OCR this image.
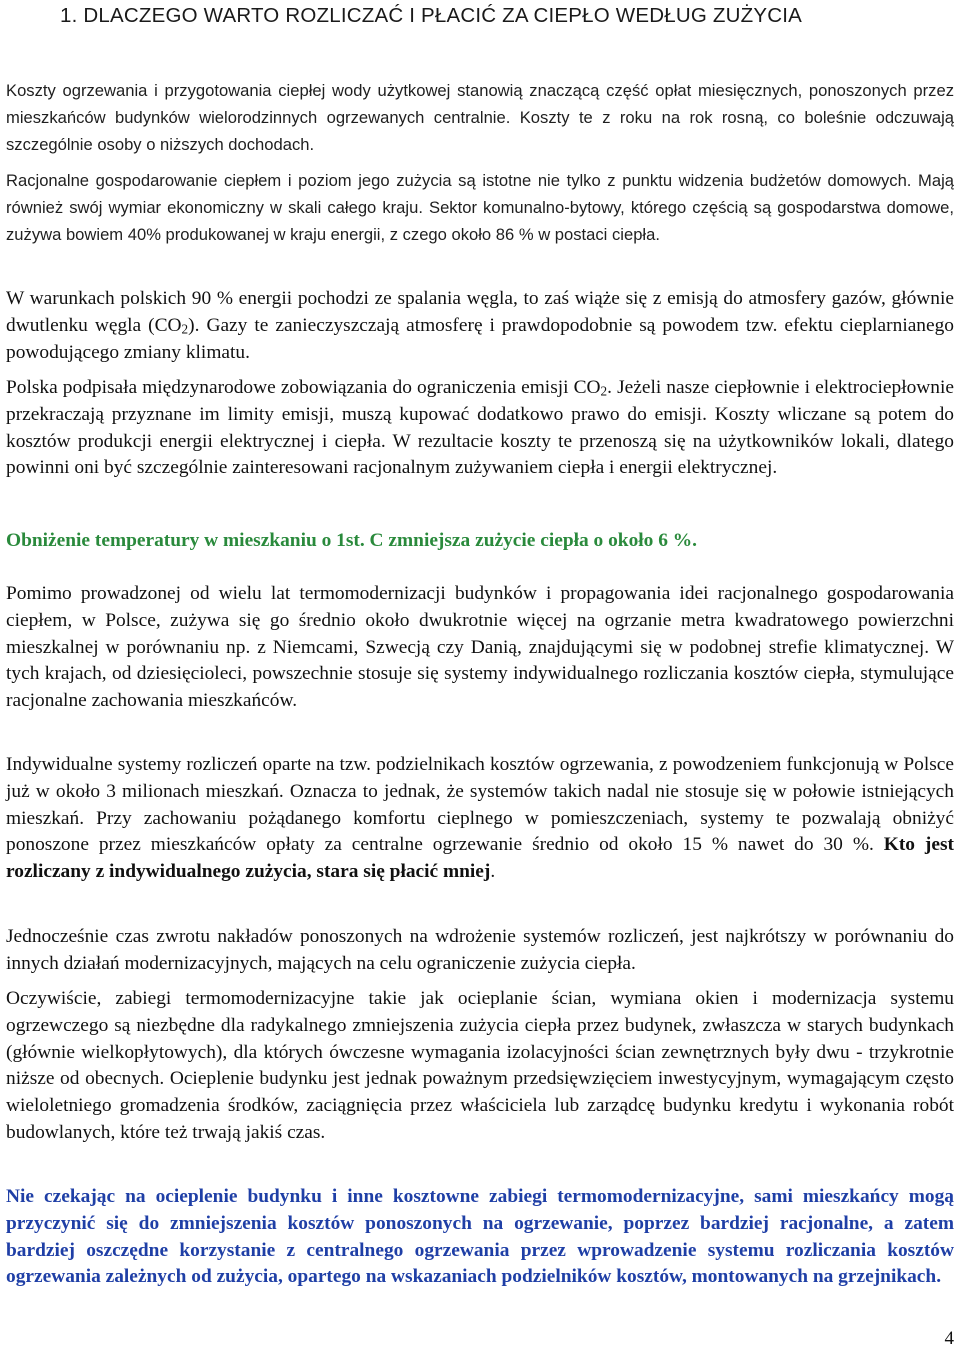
1. DLACZEGO WARTO ROZLICZAĆ I PŁACIĆ ZA CIEPŁO WEDŁUG ZUŻYCIA

Koszty ogrzewania i przygotowania ciepłej wody użytkowej stanowią znaczącą część opłat miesięcznych, ponoszonych przez mieszkańców budynków wielorodzinnych ogrzewanych centralnie. Koszty te z roku na rok rosną, co boleśnie odczuwają szczególnie osoby o niższych dochodach.

Racjonalne gospodarowanie ciepłem i poziom jego zużycia są istotne nie tylko z punktu widzenia budżetów domowych. Mają również swój wymiar ekonomiczny w skali całego kraju. Sektor komunalno-bytowy, którego częścią są gospodarstwa domowe, zużywa bowiem 40% produkowanej w kraju energii, z czego około 86 % w postaci ciepła.

W warunkach polskich 90 % energii pochodzi ze spalania węgla, to zaś wiąże się z emisją do atmosfery gazów, głównie dwutlenku węgla $(CO_2)$. Gazy te zanieczyszczają atmosferę i prawdopodobnie są powodem tzw. efektu cieplarnianego powodującego zmiany klimatu.

Polska podpisała międzynarodowe zobowiązania do ograniczenia emisji $CO_2$. Jeżeli nasze ciepłownie i elektrociepłownie przekraczają przyznane im limity emisji, muszą kupować dodatkowo prawo do emisji. Koszty wliczane są potem do kosztów produkcji energii elektrycznej i ciepła. W rezultacie koszty te przenoszą się na użytkowników lokali, dlatego powinni oni być szczególnie zainteresowani racjonalnym zużywaniem ciepła i energii elektrycznej.

Obniżenie temperatury w mieszkaniu o 1st. C zmniejsza zużycie ciepła o około 6 %.

Pomimo prowadzonej od wielu lat termomodernizacji budynków i propagowania idei racjonalnego gospodarowania ciepłem, w Polsce, zużywa się go średnio około dwukrotnie więcej na ogrzanie metra kwadratowego powierzchni mieszkalnej w porównaniu np. z Niemcami, Szwecją czy Danią, znajdującymi się w podobnej strefie klimatycznej. W tych krajach, od dziesięcioleci, powszechnie stosuje się systemy indywidualnego rozliczania kosztów ciepła, stymulujące racjonalne zachowania mieszkańców.

Indywidualne systemy rozliczeń oparte na tzw. podzielnikach kosztów ogrzewania, z powodzeniem funkcjonują w Polsce już w około 3 milionach mieszkań. Oznacza to jednak, że systemów takich nadal nie stosuje się w połowie istniejących mieszkań. Przy zachowaniu pożądanego komfortu cieplnego w pomieszczeniach, systemy te pozwalają obniżyć ponoszone przez mieszkańców opłaty za centralne ogrzewanie średnio od około 15 % nawet do 30 %. Kto jest rozliczany z indywidualnego zużycia, stara się płacić mniej.

Jednocześnie czas zwrotu nakładów ponoszonych na wdrożenie systemów rozliczeń, jest najkrótszy w porównaniu do innych działań modernizacyjnych, mających na celu ograniczenie zużycia ciepła.

Oczywiście, zabiegi termomodernizacyjne takie jak ocieplanie ścian, wymiana okien i modernizacja systemu ogrzewczego są niezbędne dla radykalnego zmniejszenia zużycia ciepła przez budynek, zwłaszcza w starych budynkach (głównie wielkopłytowych), dla których ówczesne wymagania izolacyjności ścian zewnętrznych były dwu - trzykrotnie niższe od obecnych. Ocieplenie budynku jest jednak poważnym przedsięwzięciem inwestycyjnym, wymagającym często wieloletniego gromadzenia środków, zaciągnięcia przez właściciela lub zarządcę budynku kredytu i wykonania robót budowlanych, które też trwają jakiś czas.

Nie czekając na ocieplenie budynku i inne kosztowne zabiegi termomodernizacyjne, sami mieszkańcy mogą przyczynić się do zmniejszenia kosztów ponoszonych na ogrzewanie, poprzez bardziej racjonalne, a zatem bardziej oszczędne korzystanie z centralnego ogrzewania przez wprowadzenie systemu rozliczania kosztów ogrzewania zależnych od zużycia, opartego na wskazaniach podzielników kosztów, montowanych na grzejnikach.

4
